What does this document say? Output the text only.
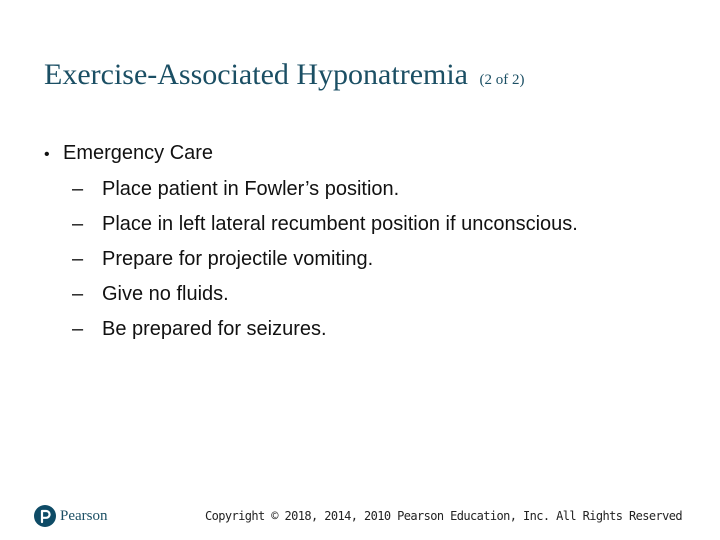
Exercise-Associated Hyponatremia (2 of 2)
• Emergency Care
– Place patient in Fowler’s position.
– Place in left lateral recumbent position if unconscious.
– Prepare for projectile vomiting.
– Give no fluids.
– Be prepared for seizures.
Pearson	Copyright © 2018, 2014, 2010 Pearson Education, Inc. All Rights Reserved
